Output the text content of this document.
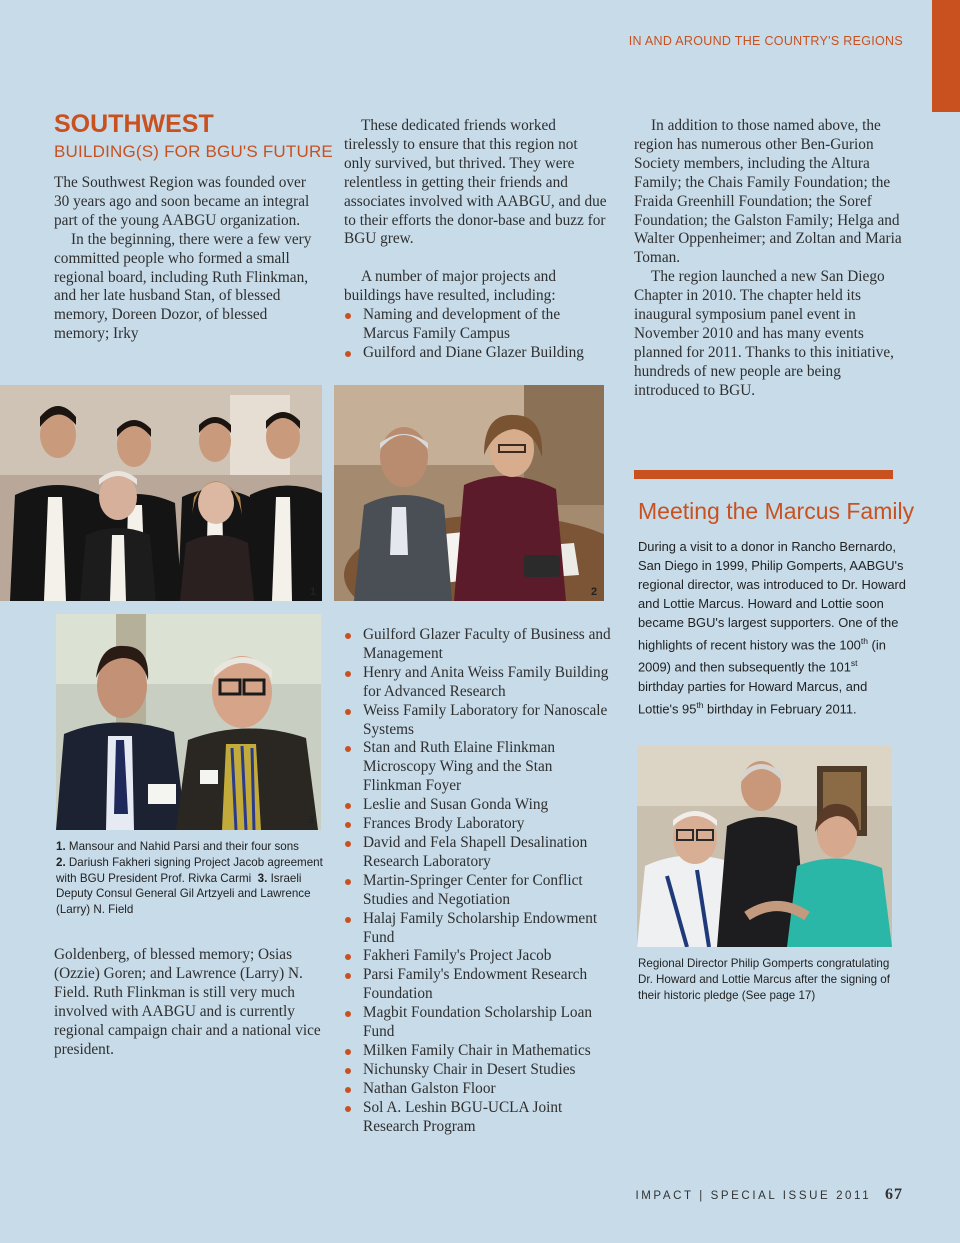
IN AND AROUND THE COUNTRY'S REGIONS
SOUTHWEST
BUILDING(S) FOR BGU'S FUTURE

The Southwest Region was founded over 30 years ago and soon became an integral part of the young AABGU organization.

In the beginning, there were a few very committed people who formed a small regional board, including Ruth Flinkman, and her late husband Stan, of blessed memory, Doreen Dozor, of blessed memory; Irky

These dedicated friends worked tirelessly to ensure that this region not only survived, but thrived. They were relentless in getting their friends and associates involved with AABGU, and due to their efforts the donor-base and buzz for BGU grew.

A number of major projects and buildings have resulted, including:

Naming and development of the Marcus Family Campus
Guilford and Diane Glazer Building

In addition to those named above, the region has numerous other Ben-Gurion Society members, including the Altura Family; the Chais Family Foundation; the Fraida Greenhill Foundation; the Soref Foundation; the Galston Family; Helga and Walter Oppenheimer; and Zoltan and Maria Toman.

The region launched a new San Diego Chapter in 2010. The chapter held its inaugural symposium panel event in November 2010 and has many events planned for 2011. Thanks to this initiative, hundreds of new people are being introduced to BGU.

1	2
3
1. Mansour and Nahid Parsi and their four sons
2. Dariush Fakheri signing Project Jacob agreement with BGU President Prof. Rivka Carmi 3. Israeli Deputy Consul General Gil Artzyeli and Lawrence (Larry) N. Field

Goldenberg, of blessed memory; Osias (Ozzie) Goren; and Lawrence (Larry) N. Field. Ruth Flinkman is still very much involved with AABGU and is currently regional campaign chair and a national vice president.

Guilford Glazer Faculty of Business and Management
Henry and Anita Weiss Family Building for Advanced Research
Weiss Family Laboratory for Nanoscale Systems
Stan and Ruth Elaine Flinkman Microscopy Wing and the Stan Flinkman Foyer
Leslie and Susan Gonda Wing
Frances Brody Laboratory
David and Fela Shapell Desalination Research Laboratory
Martin-Springer Center for Conflict Studies and Negotiation
Halaj Family Scholarship Endowment Fund
Fakheri Family's Project Jacob
Parsi Family's Endowment Research Foundation
Magbit Foundation Scholarship Loan Fund
Milken Family Chair in Mathematics
Nichunsky Chair in Desert Studies
Nathan Galston Floor
Sol A. Leshin BGU-UCLA Joint Research Program
Meeting the Marcus Family
During a visit to a donor in Rancho Bernardo, San Diego in 1999, Philip Gomperts, AABGU's regional director, was introduced to Dr. Howard and Lottie Marcus. Howard and Lottie soon became BGU's largest supporters. One of the highlights of recent history was the 100th (in 2009) and then subsequently the 101st birthday parties for Howard Marcus, and Lottie's 95th birthday in February 2011.
Regional Director Philip Gomperts congratulating Dr. Howard and Lottie Marcus after the signing of their historic pledge (See page 17)
IMPACT | SPECIAL ISSUE 2011 67
